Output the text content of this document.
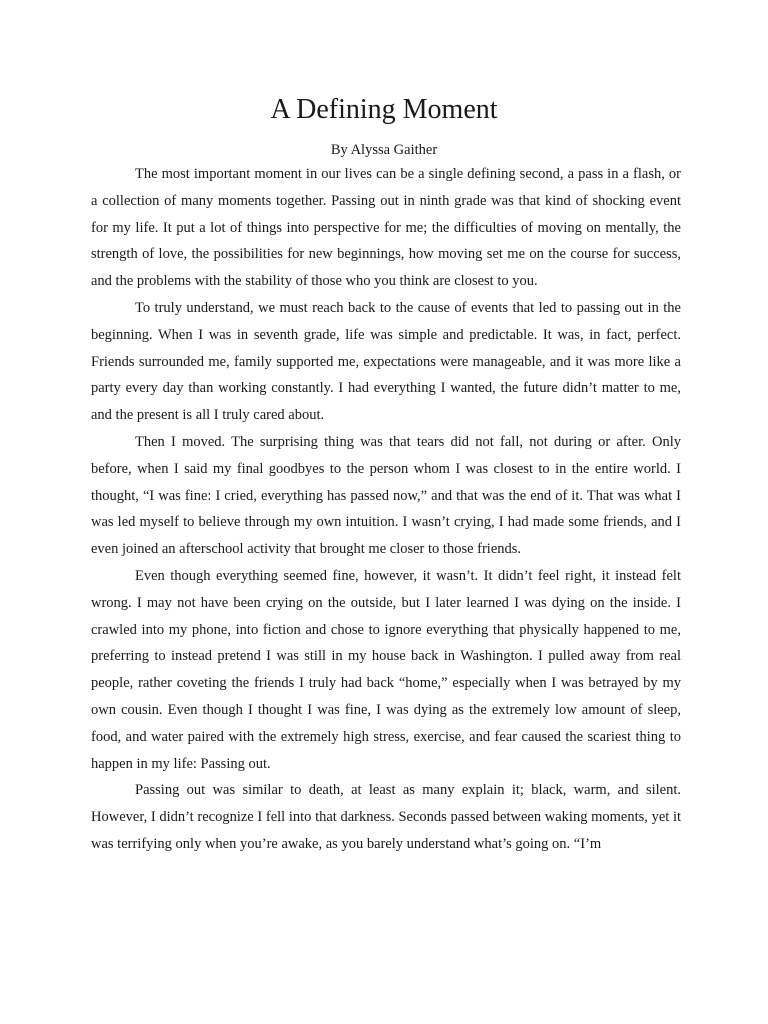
A Defining Moment

By Alyssa Gaither

The most important moment in our lives can be a single defining second, a pass in a flash, or a collection of many moments together. Passing out in ninth grade was that kind of shocking event for my life. It put a lot of things into perspective for me; the difficulties of moving on mentally, the strength of love, the possibilities for new beginnings, how moving set me on the course for success, and the problems with the stability of those who you think are closest to you.

To truly understand, we must reach back to the cause of events that led to passing out in the beginning. When I was in seventh grade, life was simple and predictable. It was, in fact, perfect. Friends surrounded me, family supported me, expectations were manageable, and it was more like a party every day than working constantly. I had everything I wanted, the future didn’t matter to me, and the present is all I truly cared about.

Then I moved. The surprising thing was that tears did not fall, not during or after. Only before, when I said my final goodbyes to the person whom I was closest to in the entire world. I thought, “I was fine: I cried, everything has passed now,” and that was the end of it. That was what I was led myself to believe through my own intuition. I wasn’t crying, I had made some friends, and I even joined an afterschool activity that brought me closer to those friends.

Even though everything seemed fine, however, it wasn’t. It didn’t feel right, it instead felt wrong. I may not have been crying on the outside, but I later learned I was dying on the inside. I crawled into my phone, into fiction and chose to ignore everything that physically happened to me, preferring to instead pretend I was still in my house back in Washington. I pulled away from real people, rather coveting the friends I truly had back “home,” especially when I was betrayed by my own cousin. Even though I thought I was fine, I was dying as the extremely low amount of sleep, food, and water paired with the extremely high stress, exercise, and fear caused the scariest thing to happen in my life: Passing out.

Passing out was similar to death, at least as many explain it; black, warm, and silent. However, I didn’t recognize I fell into that darkness. Seconds passed between waking moments, yet it was terrifying only when you’re awake, as you barely understand what’s going on. “I’m
